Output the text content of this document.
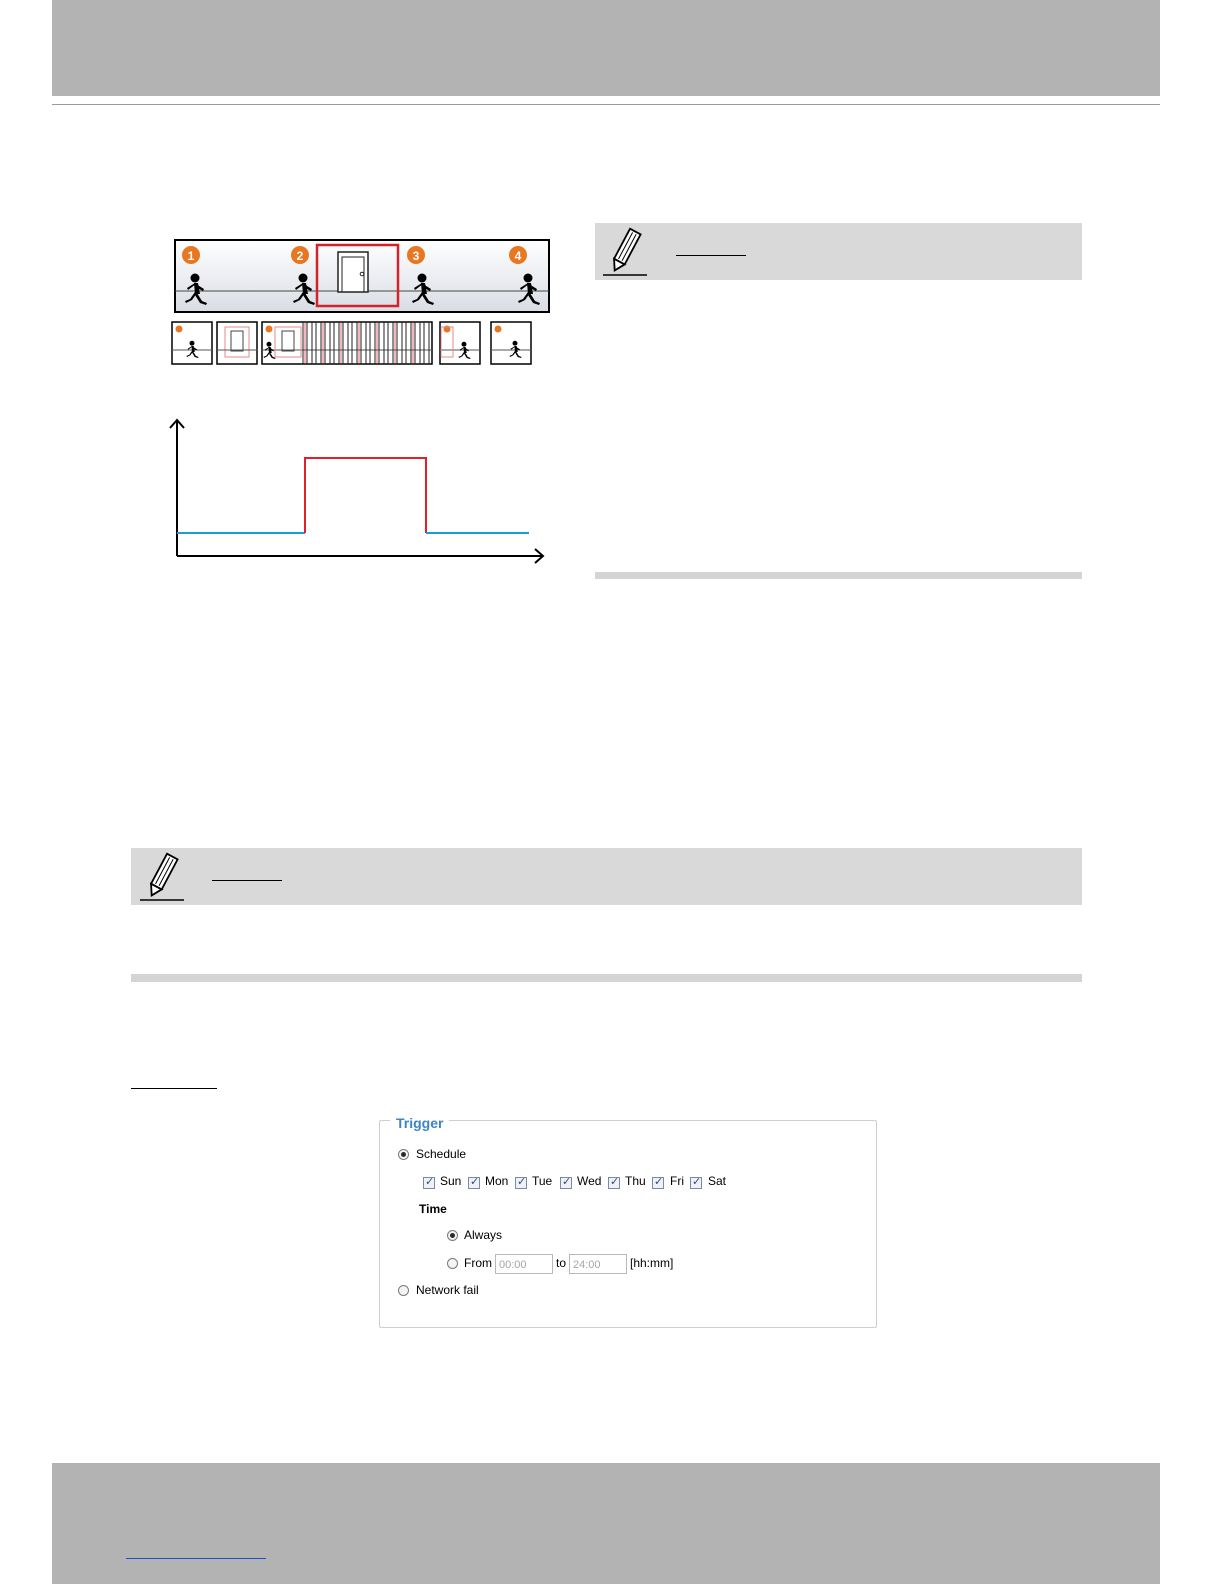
1	2	3	4
Trigger
Schedule
✓
Sun ✓ Mon ✓ Tue ✓ Wed ✓ Thu ✓ Fri ✓ Sat
Time
Always
From 00:00	to 24:00	[hh:mm]
Network fail
